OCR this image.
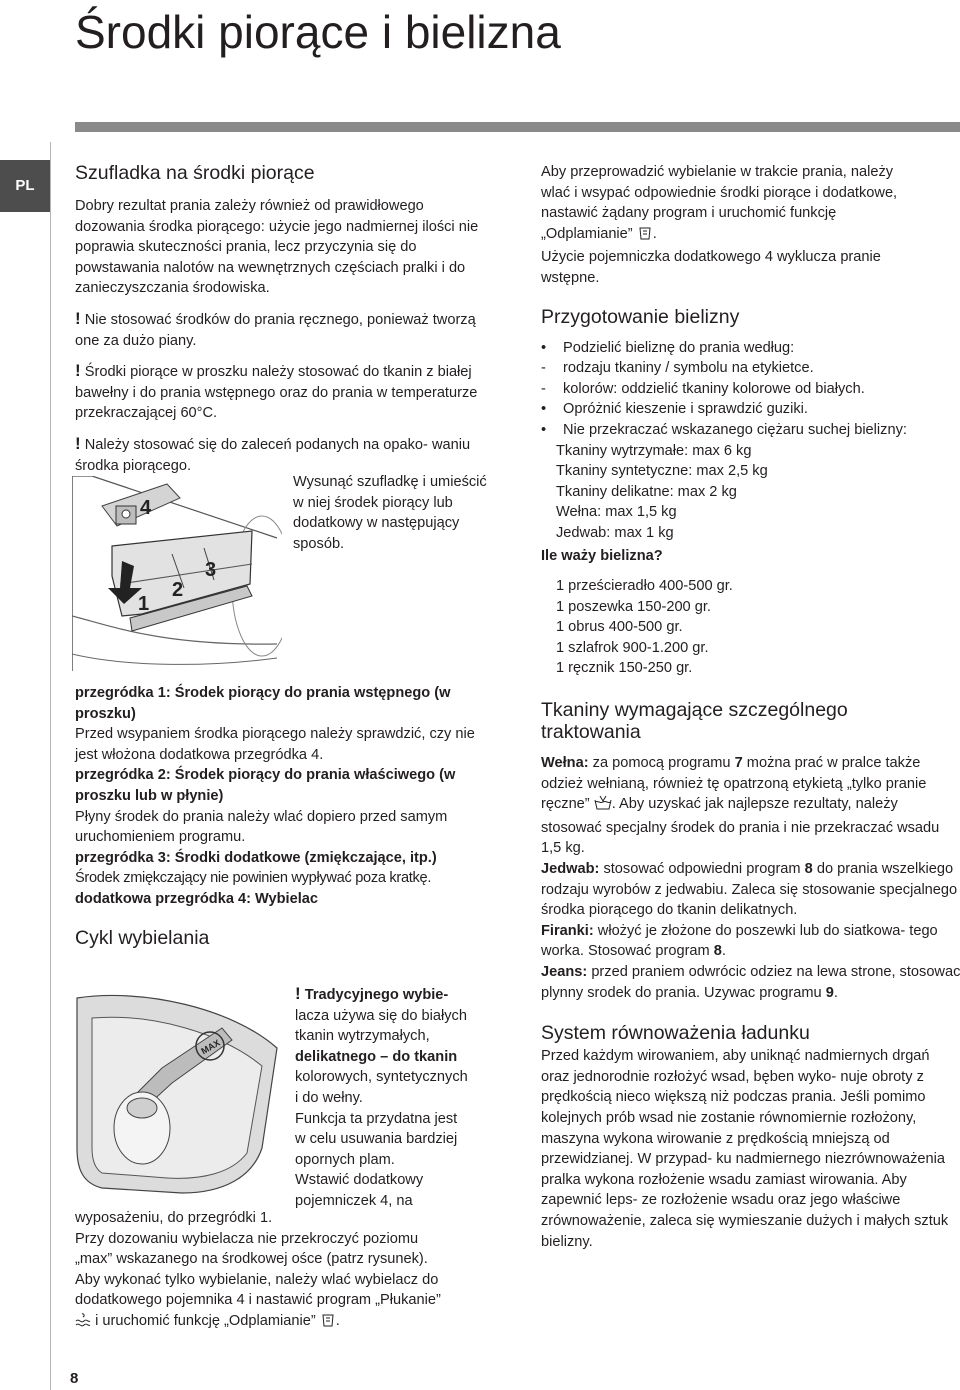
Środki piorące i bielizna
PL
Szufladka na środki piorące

Dobry rezultat prania zależy również od prawidłowego dozowania środka piorącego: użycie jego nadmiernej ilości nie poprawia skuteczności prania, lecz przyczynia się do powstawania nalotów na wewnętrznych częściach pralki i do zanieczyszczania środowiska.

! Nie stosować środków do prania ręcznego, ponieważ tworzą one za dużo piany.

! Środki piorące w proszku należy stosować do tkanin z białej bawełny i do prania wstępnego oraz do prania w temperaturze przekraczającej 60°C.

! Należy stosować się do zaleceń podanych na opako- waniu środka piorącego.

4
1
2
3
Wysunąć szufladkę i umieścić w niej środek piorący lub dodatkowy w następujący sposób.

przegródka 1: Środek piorący do prania wstępnego (w proszku)

Przed wsypaniem środka piorącego należy sprawdzić, czy nie jest włożona dodatkowa przegródka 4.

przegródka 2: Środek piorący do prania właściwego (w proszku lub w płynie)

Płyny środek do prania należy wlać dopiero przed samym uruchomieniem programu.

przegródka 3: Środki dodatkowe (zmiękczające, itp.)

Środek zmiękczający nie powinien wypływać poza kratkę.

dodatkowa przegródka 4: Wybielac

Cykl wybielania
MAX

! Tradycyjnego wybie-

lacza używa się do białych

tkanin wytrzymałych,

delikatnego – do tkanin

kolorowych, syntetycznych

i do wełny.

Funkcja ta przydatna jest

w celu usuwania bardziej

opornych plam.

Wstawić dodatkowy

pojemniczek 4, na

wyposażeniu, do przegródki 1.

Przy dozowaniu wybielacza nie przekroczyć poziomu

„max” wskazanego na środkowej ośce (patrz rysunek).

Aby wykonać tylko wybielanie, należy wlać wybielacz do

dodatkowego pojemnika 4 i nastawić program „Płukanie”

i uruchomić funkcję „Odplamianie” .

Aby przeprowadzić wybielanie w trakcie prania, należy

wlać i wsypać odpowiednie środki piorące i dodatkowe,

nastawić żądany program i uruchomić funkcję

„Odplamianie” .

Użycie pojemniczka dodatkowego 4 wyklucza pranie

wstępne.

Przygotowanie bielizny
•	Podzielić bieliznę do prania według:
-	rodzaju tkaniny / symbolu na etykietce.
-	kolorów: oddzielić tkaniny kolorowe od białych.
•	Opróżnić kieszenie i sprawdzić guziki.
•	Nie przekraczać wskazanego ciężaru suchej bielizny:

Tkaniny wytrzymałe: max 6 kg

Tkaniny syntetyczne: max 2,5 kg

Tkaniny delikatne: max 2 kg

Wełna: max 1,5 kg

Jedwab: max 1 kg

Ile waży bielizna?

1 prześcieradło 400-500 gr.

1 poszewka 150-200 gr.

1 obrus 400-500 gr.

1 szlafrok 900-1.200 gr.

1 ręcznik 150-250 gr.

Tkaniny wymagające szczególnego traktowania

Wełna: za pomocą programu 7 można prać w pralce także odzież wełnianą, również tę opatrzoną etykietą „tylko pranie ręczne” . Aby uzyskać jak najlepsze rezultaty, należy stosować specjalny środek do prania i nie przekraczać wsadu 1,5 kg.

Jedwab: stosować odpowiedni program 8 do prania wszelkiego rodzaju wyrobów z jedwabiu. Zaleca się stosowanie specjalnego środka piorącego do tkanin delikatnych.

Firanki: włożyć je złożone do poszewki lub do siatkowa- tego worka. Stosować program 8.

Jeans: przed praniem odwrócic odziez na lewa strone, stosowac plynny srodek do prania. Uzywac programu 9.

System równoważenia ładunku

Przed każdym wirowaniem, aby uniknąć nadmiernych drgań oraz jednorodnie rozłożyć wsad, bęben wyko- nuje obroty z prędkością nieco większą niż podczas prania. Jeśli pomimo kolejnych prób wsad nie zostanie równomiernie rozłożony, maszyna wykona wirowanie z prędkością mniejszą od przewidzianej. W przypad- ku nadmiernego niezrównoważenia pralka wykona rozłożenie wsadu zamiast wirowania. Aby zapewnić leps- ze rozłożenie wsadu oraz jego właściwe zrównoważenie, zaleca się wymieszanie dużych i małych sztuk bielizny.

8
